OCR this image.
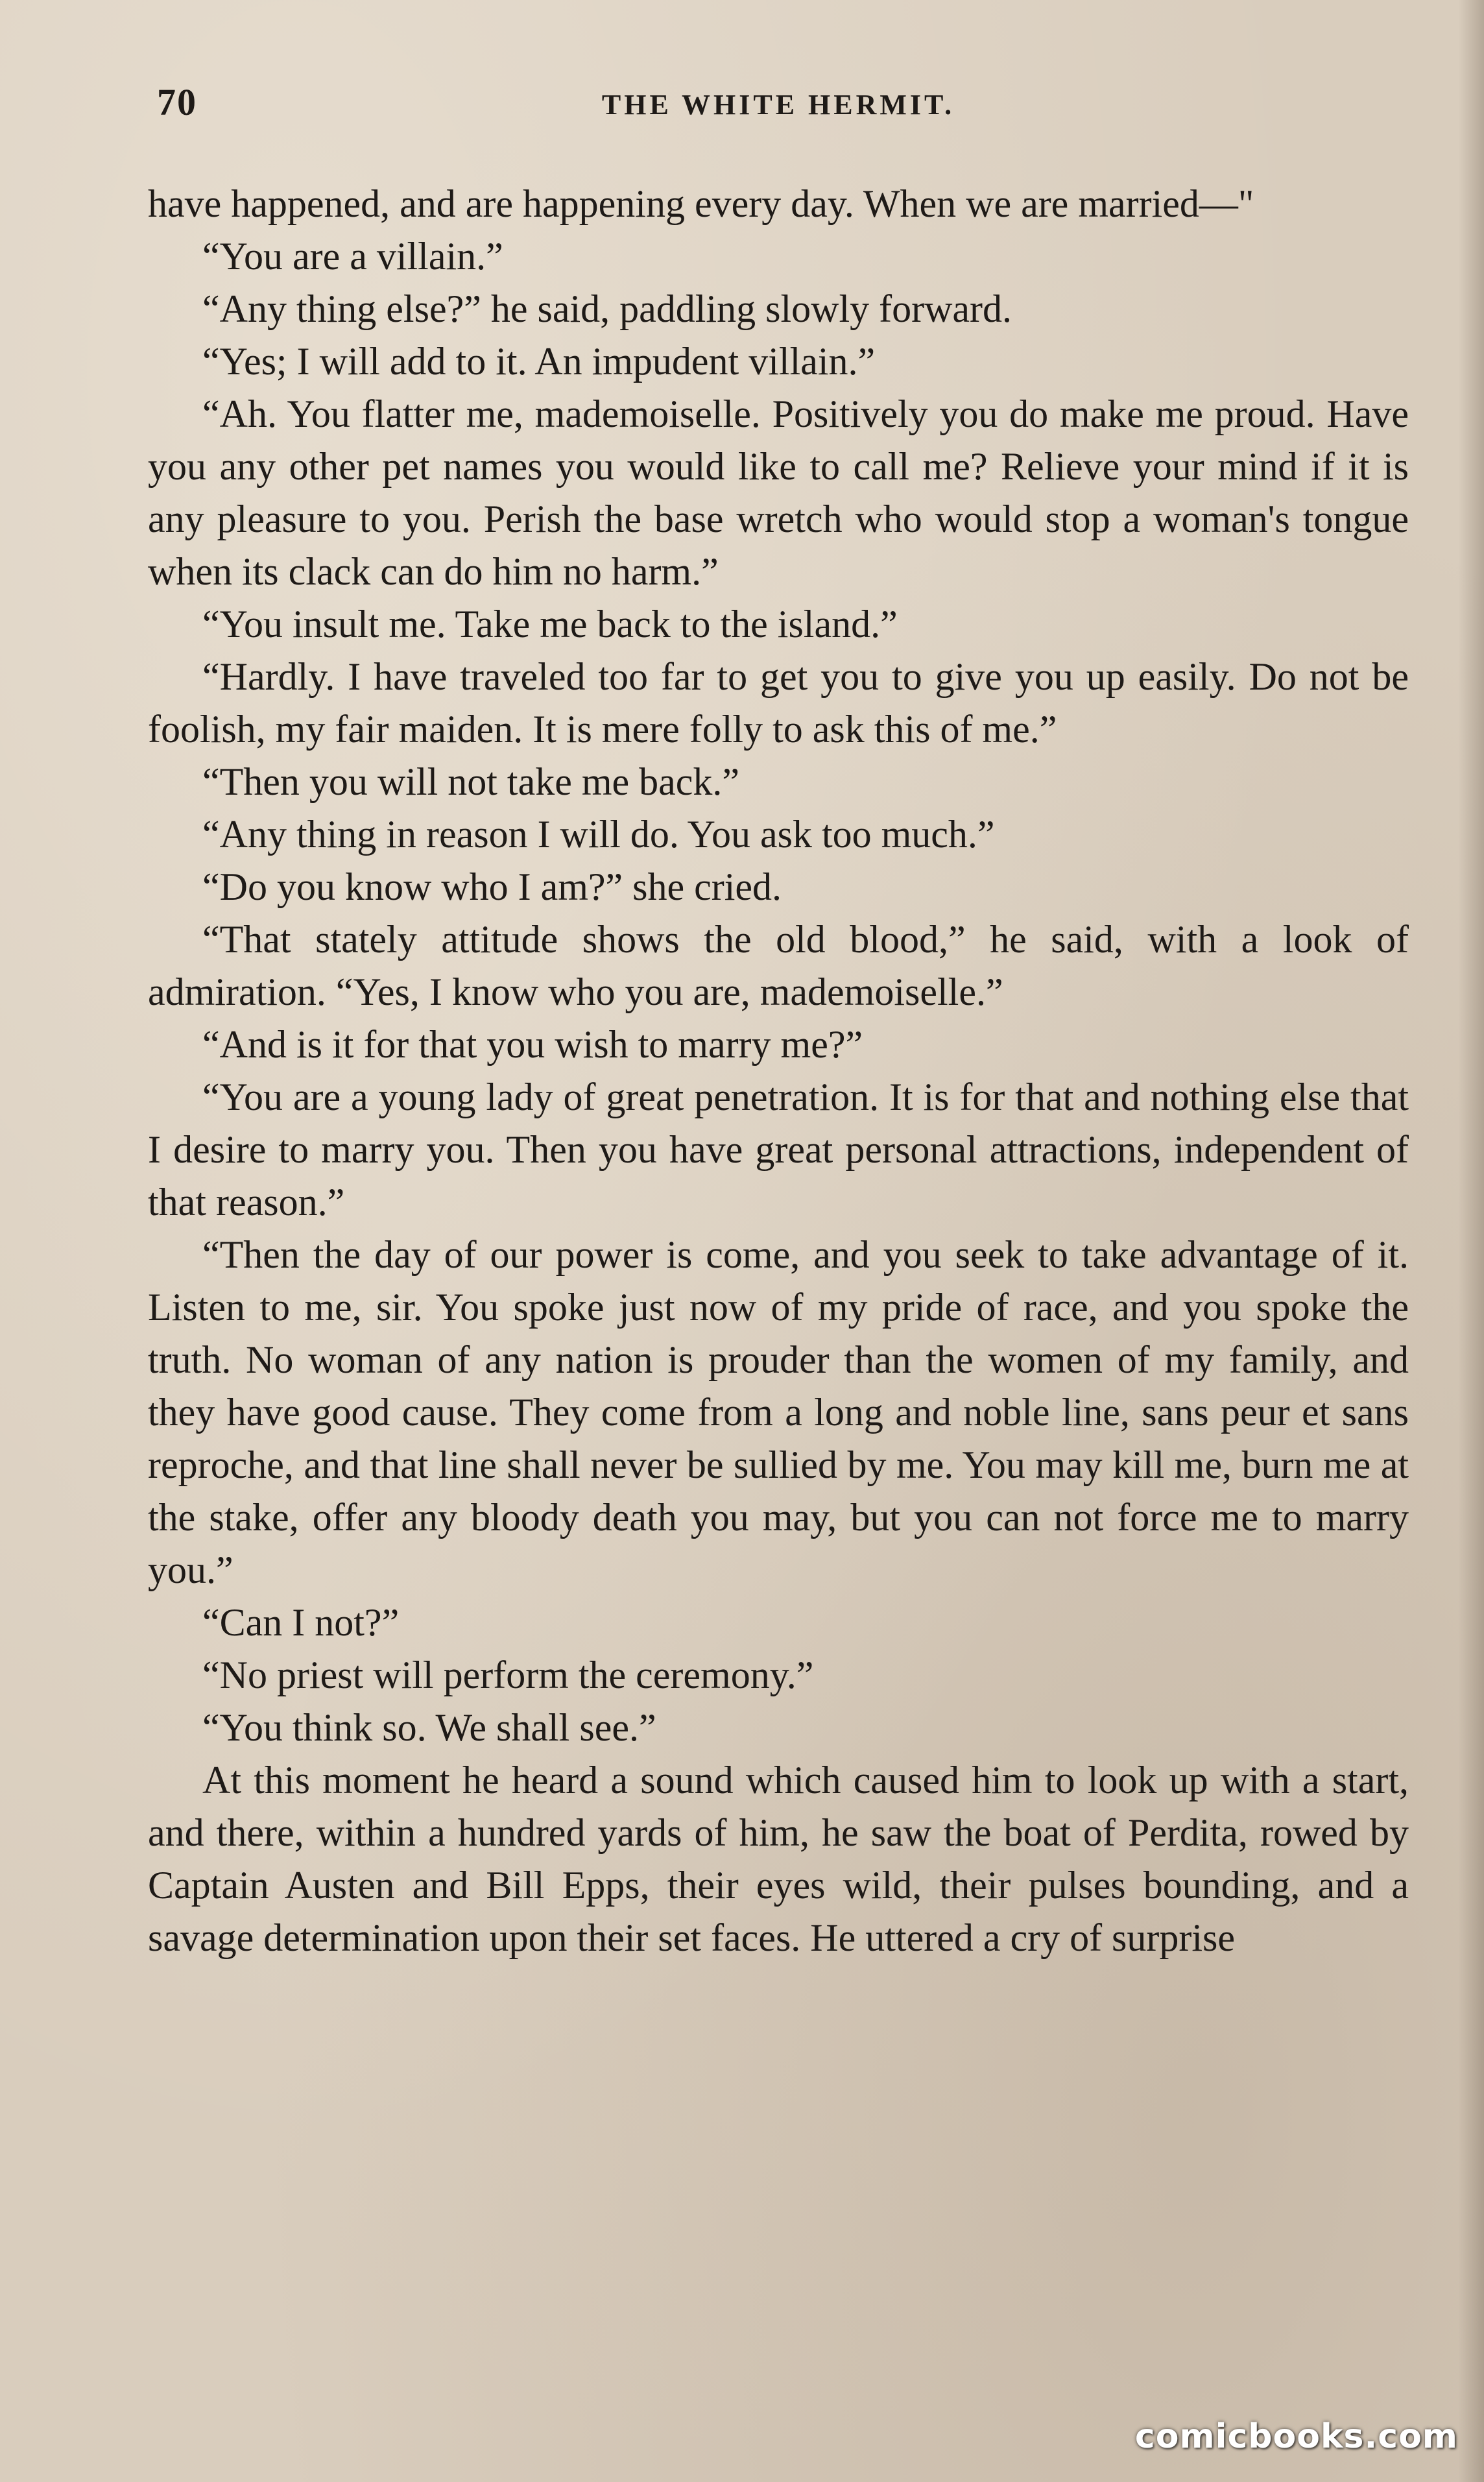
70	THE WHITE HERMIT.

have happened, and are happening every day. When we are married—"

“You are a villain.”

“Any thing else?” he said, paddling slowly forward.

“Yes; I will add to it. An impudent villain.”

“Ah. You flatter me, mademoiselle. Positively you do make me proud. Have you any other pet names you would like to call me? Relieve your mind if it is any pleasure to you. Perish the base wretch who would stop a woman's tongue when its clack can do him no harm.”

“You insult me. Take me back to the island.”

“Hardly. I have traveled too far to get you to give you up easily. Do not be foolish, my fair maiden. It is mere folly to ask this of me.”

“Then you will not take me back.”

“Any thing in reason I will do. You ask too much.”

“Do you know who I am?” she cried.

“That stately attitude shows the old blood,” he said, with a look of admiration. “Yes, I know who you are, mademoiselle.”

“And is it for that you wish to marry me?”

“You are a young lady of great penetration. It is for that and nothing else that I desire to marry you. Then you have great personal attractions, independent of that reason.”

“Then the day of our power is come, and you seek to take advantage of it. Listen to me, sir. You spoke just now of my pride of race, and you spoke the truth. No woman of any nation is prouder than the women of my family, and they have good cause. They come from a long and noble line, sans peur et sans reproche, and that line shall never be sullied by me. You may kill me, burn me at the stake, offer any bloody death you may, but you can not force me to marry you.”

“Can I not?”

“No priest will perform the ceremony.”

“You think so. We shall see.”

At this moment he heard a sound which caused him to look up with a start, and there, within a hundred yards of him, he saw the boat of Perdita, rowed by Captain Austen and Bill Epps, their eyes wild, their pulses bounding, and a savage determination upon their set faces. He uttered a cry of surprise

comicbooks.com
